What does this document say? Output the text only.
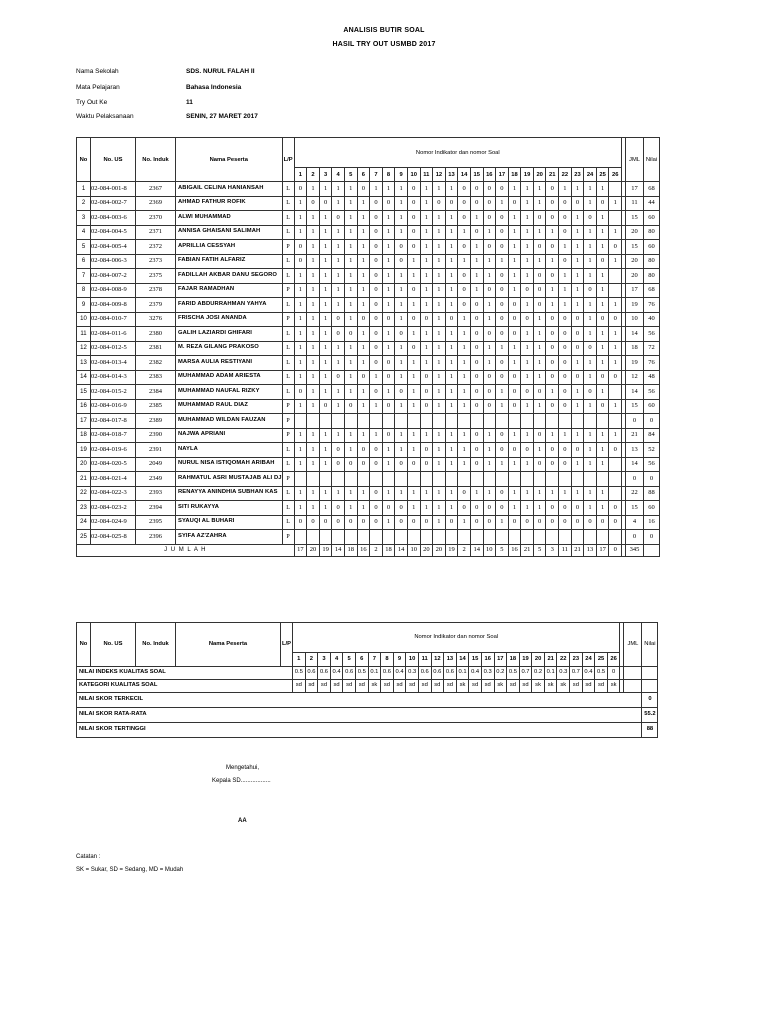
ANALISIS BUTIR SOAL
HASIL TRY OUT USMBD 2017
Nama Sekolah	SDS. NURUL FALAH II
Mata Pelajaran	Bahasa Indonesia
Try Out Ke	11
Waktu Pelaksanaan	SENIN, 27 MARET 2017
No	No. US	No. Induk	Nama Peserta	L/P	Nomor Indikator dan nomor Soal																											JML	Nilai

					1	2	3	4	5	6	7	8	9	10	11	12	13	14	15	16	17	18	19	20	21	22	23	24	25	26			
1	02-084-001-8	2367	ABIGAIL CELINA HANIANSAH	L	0	1	1	1	1	0	1	1	1	0	1	1	1	0	0	0	0	1	1	1	0	1	1	1	1			17	68
2	02-084-002-7	2369	AHMAD FATHUR ROFIK	L	1	0	0	1	1	1	0	0	1	0	1	0	0	0	0	0	1	0	1	1	0	0	0	1	0	1		11	44
3	02-084-003-6	2370	ALWI MUHAMMAD	L	1	1	1	0	1	1	0	1	1	0	1	1	1	0	1	0	0	1	1	0	0	0	1	0	1			15	60
4	02-084-004-5	2371	ANNISA GHAISANI SALIMAH	L	1	1	1	1	1	1	0	1	1	0	1	1	1	1	0	1	0	1	1	1	1	0	1	1	1	1		20	80
5	02-084-005-4	2372	APRILLIA CESSYAH	P	0	1	1	1	1	1	0	1	0	0	1	1	1	0	1	0	0	1	1	0	0	1	1	1	1	0		15	60
6	02-084-006-3	2373	FABIAN FATIH ALFARIZ	L	0	1	1	1	1	1	0	1	0	1	1	1	1	1	1	1	1	1	1	1	1	0	1	1	0	1		20	80
7	02-084-007-2	2375	FADILLAH AKBAR DANU SEGORO	L	1	1	1	1	1	1	0	1	1	1	1	1	1	0	1	1	0	1	1	0	0	1	1	1	1			20	80
8	02-084-008-9	2378	FAJAR RAMADHAN	P	1	1	1	1	1	1	0	1	1	0	1	1	1	0	1	0	0	1	0	0	1	1	1	0	1			17	68
9	02-084-009-8	2379	FARID ABDURRAHMAN YAHYA	L	1	1	1	1	1	1	0	1	1	1	1	1	1	0	0	1	0	0	1	0	1	1	1	1	1	1		19	76
10	02-084-010-7	3276	FRISCHA JOSI ANANDA	P	1	1	1	0	1	0	0	0	1	0	0	1	0	1	0	1	0	0	0	1	0	0	0	1	0	0		10	40
11	02-084-011-6	2380	GALIH LAZIARDI GHIFARI	L	1	1	1	0	0	1	0	1	0	1	1	1	1	1	0	0	0	0	1	1	0	0	0	1	1	1		14	56
12	02-084-012-5	2381	M. REZA GILANG PRAKOSO	L	1	1	1	1	1	1	0	1	1	0	1	1	1	1	0	1	1	1	1	1	0	0	0	0	1	1		18	72
13	02-084-013-4	2382	MARSA AULIA RESTIYANI	L	1	1	1	1	1	1	0	0	1	1	1	1	1	1	0	1	0	1	1	1	0	0	1	1	1	1		19	76
14	02-084-014-3	2383	MUHAMMAD ADAM ARIESTA	L	1	1	1	0	1	0	1	0	1	1	0	1	1	1	0	0	0	0	1	1	0	0	0	1	0	0		12	48
15	02-084-015-2	2384	MUHAMMAD NAUFAL RIZKY	L	0	1	1	1	1	1	0	1	0	1	0	1	1	1	0	0	1	0	0	0	1	0	1	0	1			14	56
16	02-084-016-9	2385	MUHAMMAD RAUL DIAZ	P	1	1	0	1	0	1	1	0	1	1	0	1	1	1	0	0	1	0	1	1	0	0	1	1	0	1		15	60
17	02-084-017-8	2389	MUHAMMAD WILDAN FAUZAN	P																												0	0
18	02-084-018-7	2390	NAJWA APRIANI	P	1	1	1	1	1	1	1	0	1	1	1	1	1	1	0	1	0	1	1	0	1	1	1	1	1	1		21	84
19	02-084-019-6	2391	NAYLA	L	1	1	1	0	1	0	0	1	1	1	0	1	1	1	0	1	0	0	0	1	0	0	0	1	1	0		13	52
20	02-084-020-5	2049	NURUL NISA ISTIQOMAH ARIBAH	L	1	1	1	0	0	0	0	1	0	0	0	1	1	1	0	1	1	1	1	0	0	0	1	1	1			14	56
21	02-084-021-4	2349	RAHMATUL ASRI MUSTAJAB ALI DJ	P																												0	0
22	02-084-022-3	2393	RENAYYA ANINDHIA SUBHAN KAS	L	1	1	1	1	1	1	0	1	1	1	1	1	1	0	1	1	0	1	1	1	1	1	1	1	1			22	88
23	02-084-023-2	2394	SITI RUKAYYA	L	1	1	1	0	1	1	0	0	0	1	1	1	1	0	0	0	0	1	1	1	0	0	0	1	1	0		15	60
24	02-084-024-9	2395	SYAUQI AL BUHARI	L	0	0	0	0	0	0	0	1	0	0	0	1	0	1	0	0	1	0	0	0	0	0	0	0	0	0		4	16
25	02-084-025-8	2396	SYIFA AZ'ZAHRA	P																												0	0
J U M L A H					17	20	19	14	18	16	2	18	14	10	20	20	19	2	14	10	5	16	21	5	3	11	21	13	17	0		345	
No	No. US	No. Induk	Nama Peserta	L/P	Nomor Indikator dan nomor Soal																											JML	Nilai

					1	2	3	4	5	6	7	8	9	10	11	12	13	14	15	16	17	18	19	20	21	22	23	24	25	26			
NILAI INDEKS KUALITAS SOAL					0.5	0.6	0.6	0.4	0.6	0.5	0.1	0.6	0.4	0.3	0.6	0.6	0.6	0.1	0.4	0.3	0.2	0.5	0.7	0.2	0.1	0.3	0.7	0.4	0.5	0			
KATEGORI KUALITAS SOAL					sd	sd	sd	sd	sd	sd	sk	sd	sd	sd	sd	sd	sd	sk	sd	sd	sk	sd	sd	sk	sk	sk	sd	sd	sd	sk			
NILAI SKOR TERKECIL																																	0
NILAI SKOR RATA-RATA																																	55.2
NILAI SKOR TERTINGGI																																	88
Mengetahui,
Kepala SD..................
AA
Catatan :
SK = Sukar, SD = Sedang, MD = Mudah
